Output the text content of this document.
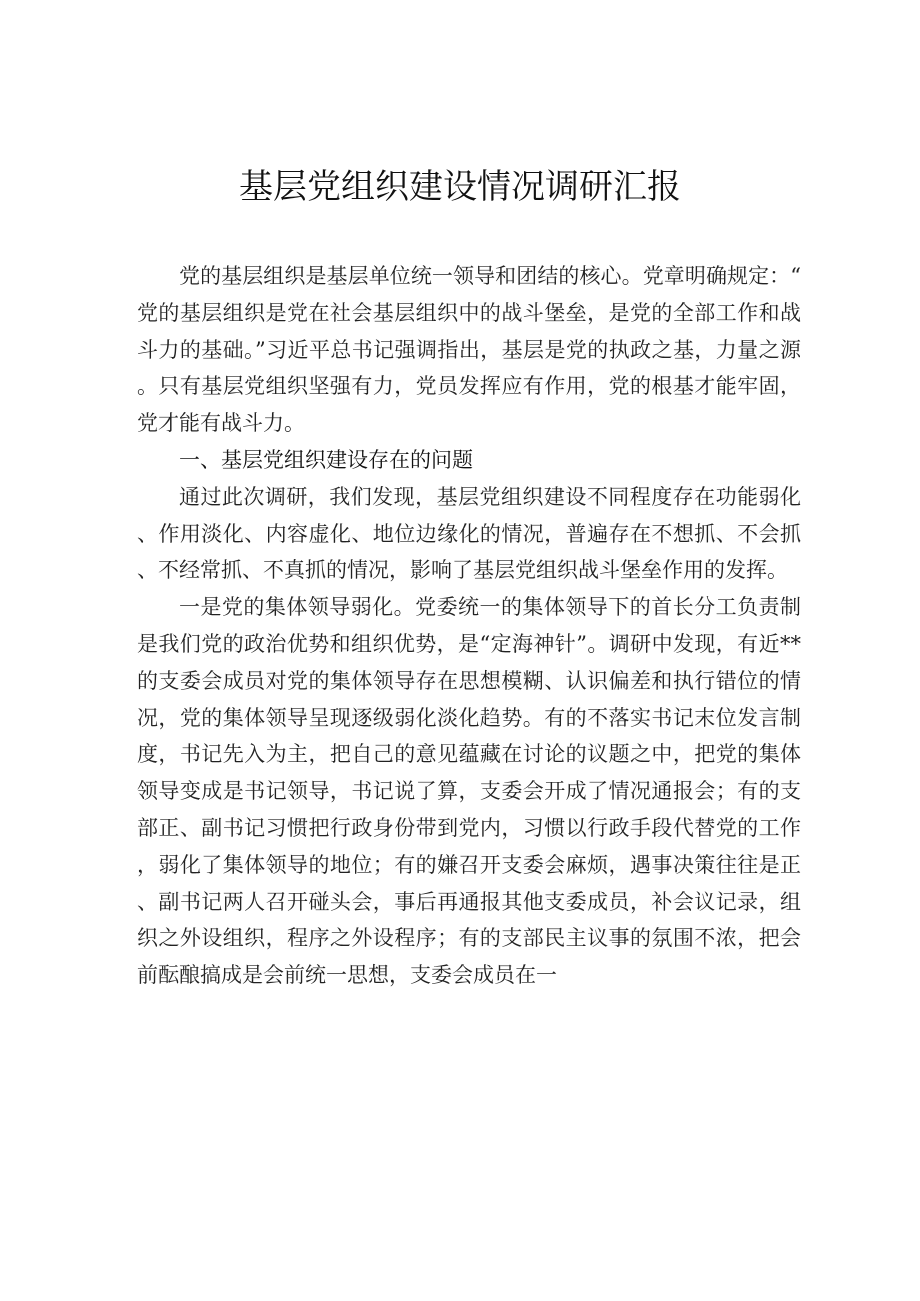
基层党组织建设情况调研汇报

党的基层组织是基层单位统一领导和团结的核心。党章明确规定：“党的基层组织是党在社会基层组织中的战斗堡垒，是党的全部工作和战斗力的基础。”习近平总书记强调指出，基层是党的执政之基，力量之源。只有基层党组织坚强有力，党员发挥应有作用，党的根基才能牢固，党才能有战斗力。

一、基层党组织建设存在的问题

通过此次调研，我们发现，基层党组织建设不同程度存在功能弱化、作用淡化、内容虚化、地位边缘化的情况，普遍存在不想抓、不会抓、不经常抓、不真抓的情况，影响了基层党组织战斗堡垒作用的发挥。

一是党的集体领导弱化。党委统一的集体领导下的首长分工负责制是我们党的政治优势和组织优势，是“定海神针”。调研中发现，有近**的支委会成员对党的集体领导存在思想模糊、认识偏差和执行错位的情况，党的集体领导呈现逐级弱化淡化趋势。有的不落实书记末位发言制度，书记先入为主，把自己的意见蕴藏在讨论的议题之中，把党的集体领导变成是书记领导，书记说了算，支委会开成了情况通报会；有的支部正、副书记习惯把行政身份带到党内，习惯以行政手段代替党的工作，弱化了集体领导的地位；有的嫌召开支委会麻烦，遇事决策往往是正、副书记两人召开碰头会，事后再通报其他支委成员，补会议记录，组织之外设组织，程序之外设程序；有的支部民主议事的氛围不浓，把会前酝酿搞成是会前统一思想，支委会成员在一
